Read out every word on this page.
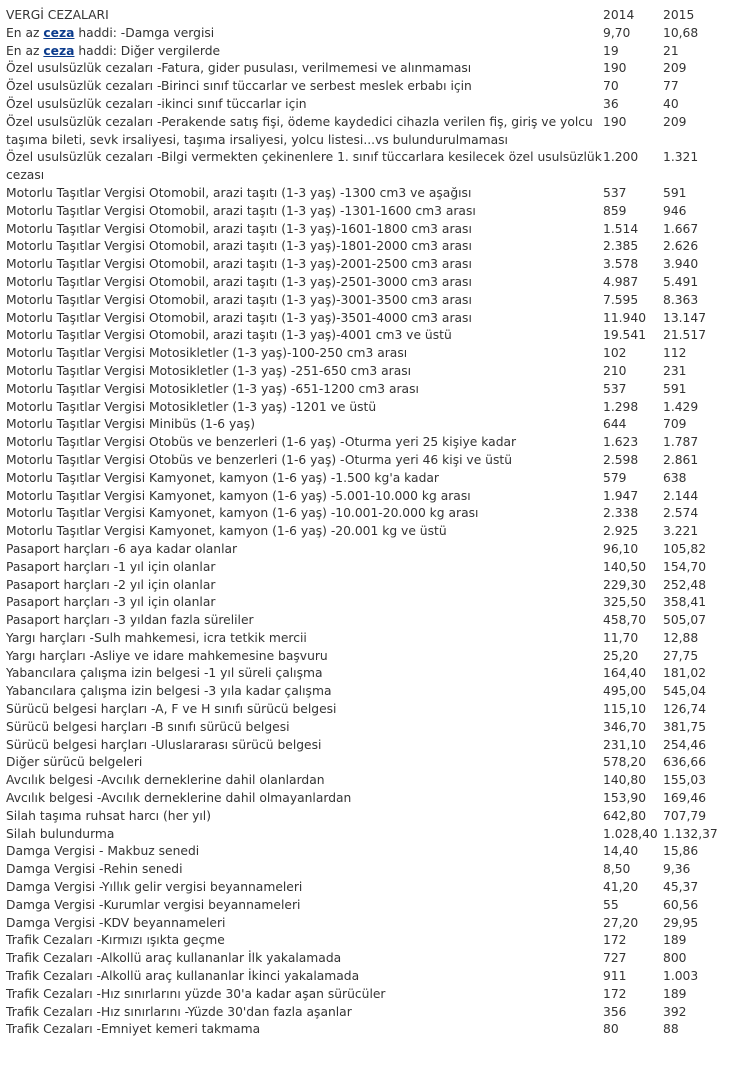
VERGİ CEZALARI	2014	2015
En az ceza haddi: -Damga vergisi	9,70	10,68
En az ceza haddi: Diğer vergilerde	19	21
Özel usulsüzlük cezaları -Fatura, gider pusulası, verilmemesi ve alınmaması	190	209
Özel usulsüzlük cezaları -Birinci sınıf tüccarlar ve serbest meslek erbabı için	70	77
Özel usulsüzlük cezaları -ikinci sınıf tüccarlar için	36	40
Özel usulsüzlük cezaları -Perakende satış fişi, ödeme kaydedici cihazla verilen fiş, giriş ve yolcu taşıma bileti, sevk irsaliyesi, taşıma irsaliyesi, yolcu listesi...vs bulundurulmaması	190	209
Özel usulsüzlük cezaları -Bilgi vermekten çekinenlere 1. sınıf tüccarlara kesilecek özel usulsüzlük cezası	1.200	1.321
Motorlu Taşıtlar Vergisi Otomobil, arazi taşıtı (1-3 yaş) -1300 cm3 ve aşağısı	537	591
Motorlu Taşıtlar Vergisi Otomobil, arazi taşıtı (1-3 yaş) -1301-1600 cm3 arası	859	946
Motorlu Taşıtlar Vergisi Otomobil, arazi taşıtı (1-3 yaş)-1601-1800 cm3 arası	1.514	1.667
Motorlu Taşıtlar Vergisi Otomobil, arazi taşıtı (1-3 yaş)-1801-2000 cm3 arası	2.385	2.626
Motorlu Taşıtlar Vergisi Otomobil, arazi taşıtı (1-3 yaş)-2001-2500 cm3 arası	3.578	3.940
Motorlu Taşıtlar Vergisi Otomobil, arazi taşıtı (1-3 yaş)-2501-3000 cm3 arası	4.987	5.491
Motorlu Taşıtlar Vergisi Otomobil, arazi taşıtı (1-3 yaş)-3001-3500 cm3 arası	7.595	8.363
Motorlu Taşıtlar Vergisi Otomobil, arazi taşıtı (1-3 yaş)-3501-4000 cm3 arası	11.940	13.147
Motorlu Taşıtlar Vergisi Otomobil, arazi taşıtı (1-3 yaş)-4001 cm3 ve üstü	19.541	21.517
Motorlu Taşıtlar Vergisi Motosikletler (1-3 yaş)-100-250 cm3 arası	102	112
Motorlu Taşıtlar Vergisi Motosikletler (1-3 yaş) -251-650 cm3 arası	210	231
Motorlu Taşıtlar Vergisi Motosikletler (1-3 yaş) -651-1200 cm3 arası	537	591
Motorlu Taşıtlar Vergisi Motosikletler (1-3 yaş) -1201 ve üstü	1.298	1.429
Motorlu Taşıtlar Vergisi Minibüs (1-6 yaş)	644	709
Motorlu Taşıtlar Vergisi Otobüs ve benzerleri (1-6 yaş) -Oturma yeri 25 kişiye kadar	1.623	1.787
Motorlu Taşıtlar Vergisi Otobüs ve benzerleri (1-6 yaş) -Oturma yeri 46 kişi ve üstü	2.598	2.861
Motorlu Taşıtlar Vergisi Kamyonet, kamyon (1-6 yaş) -1.500 kg'a kadar	579	638
Motorlu Taşıtlar Vergisi Kamyonet, kamyon (1-6 yaş) -5.001-10.000 kg arası	1.947	2.144
Motorlu Taşıtlar Vergisi Kamyonet, kamyon (1-6 yaş) -10.001-20.000 kg arası	2.338	2.574
Motorlu Taşıtlar Vergisi Kamyonet, kamyon (1-6 yaş) -20.001 kg ve üstü	2.925	3.221
Pasaport harçları -6 aya kadar olanlar	96,10	105,82
Pasaport harçları -1 yıl için olanlar	140,50	154,70
Pasaport harçları -2 yıl için olanlar	229,30	252,48
Pasaport harçları -3 yıl için olanlar	325,50	358,41
Pasaport harçları -3 yıldan fazla süreliler	458,70	505,07
Yargı harçları -Sulh mahkemesi, icra tetkik mercii	11,70	12,88
Yargı harçları -Asliye ve idare mahkemesine başvuru	25,20	27,75
Yabancılara çalışma izin belgesi -1 yıl süreli çalışma	164,40	181,02
Yabancılara çalışma izin belgesi -3 yıla kadar çalışma	495,00	545,04
Sürücü belgesi harçları -A, F ve H sınıfı sürücü belgesi	115,10	126,74
Sürücü belgesi harçları -B sınıfı sürücü belgesi	346,70	381,75
Sürücü belgesi harçları -Uluslararası sürücü belgesi	231,10	254,46
Diğer sürücü belgeleri	578,20	636,66
Avcılık belgesi -Avcılık derneklerine dahil olanlardan	140,80	155,03
Avcılık belgesi -Avcılık derneklerine dahil olmayanlardan	153,90	169,46
Silah taşıma ruhsat harcı (her yıl)	642,80	707,79
Silah bulundurma	1.028,40	1.132,37
Damga Vergisi - Makbuz senedi	14,40	15,86
Damga Vergisi -Rehin senedi	8,50	9,36
Damga Vergisi -Yıllık gelir vergisi beyannameleri	41,20	45,37
Damga Vergisi -Kurumlar vergisi beyannameleri	55	60,56
Damga Vergisi -KDV beyannameleri	27,20	29,95
Trafik Cezaları -Kırmızı ışıkta geçme	172	189
Trafik Cezaları -Alkollü araç kullananlar İlk yakalamada	727	800
Trafik Cezaları -Alkollü araç kullananlar İkinci yakalamada	911	1.003
Trafik Cezaları -Hız sınırlarını yüzde 30'a kadar aşan sürücüler	172	189
Trafik Cezaları -Hız sınırlarını -Yüzde 30'dan fazla aşanlar	356	392
Trafik Cezaları -Emniyet kemeri takmama	80	88
